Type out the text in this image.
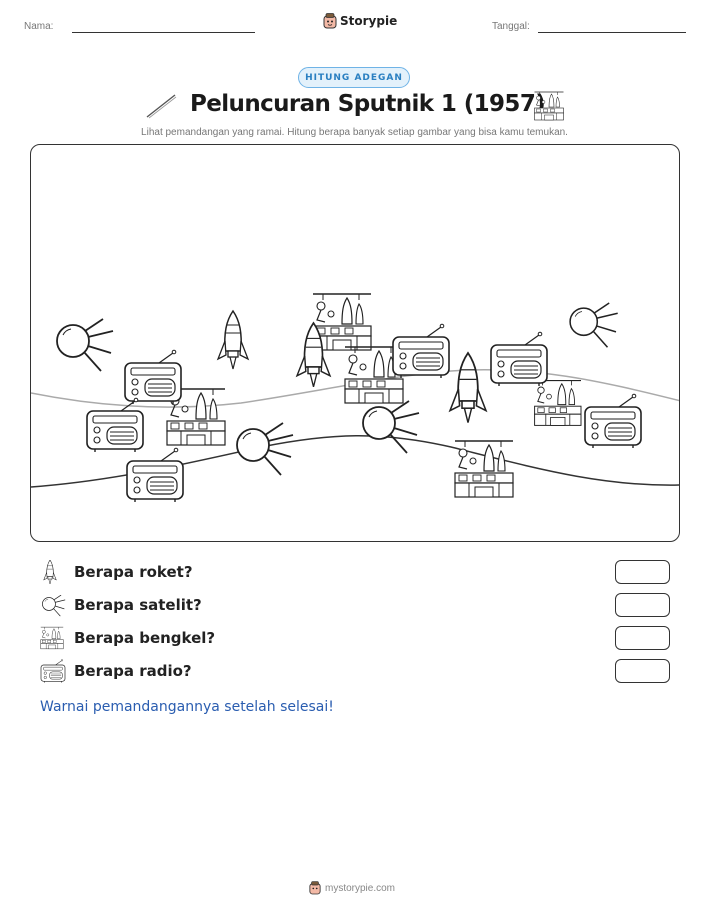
Nama:	Storypie	Tanggal:
HITUNG ADEGAN
Peluncuran Sputnik 1 (1957)
Lihat pemandangan yang ramai. Hitung berapa banyak setiap gambar yang bisa kamu temukan.
Berapa roket?
Berapa satelit?
Berapa bengkel?
Berapa radio?
Warnai pemandangannya setelah selesai!
mystorypie.com
